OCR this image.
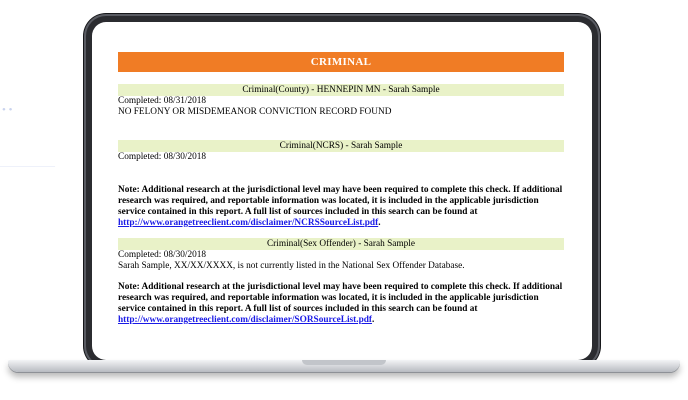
• •
—————
CRIMINAL
Criminal(County) - HENNEPIN MN - Sarah Sample
Completed: 08/31/2018
NO FELONY OR MISDEMEANOR CONVICTION RECORD FOUND
Criminal(NCRS) - Sarah Sample
Completed: 08/30/2018
Note: Additional research at the jurisdictional level may have been required to complete this check. If additional research was required, and reportable information was located, it is included in the applicable jurisdiction service contained in this report. A full list of sources included in this search can be found at http://www.orangetreeclient.com/disclaimer/NCRSSourceList.pdf.
Criminal(Sex Offender) - Sarah Sample
Completed: 08/30/2018
Sarah Sample, XX/XX/XXXX, is not currently listed in the National Sex Offender Database.
Note: Additional research at the jurisdictional level may have been required to complete this check. If additional research was required, and reportable information was located, it is included in the applicable jurisdiction service contained in this report. A full list of sources included in this search can be found at http://www.orangetreeclient.com/disclaimer/SORSourceList.pdf.
